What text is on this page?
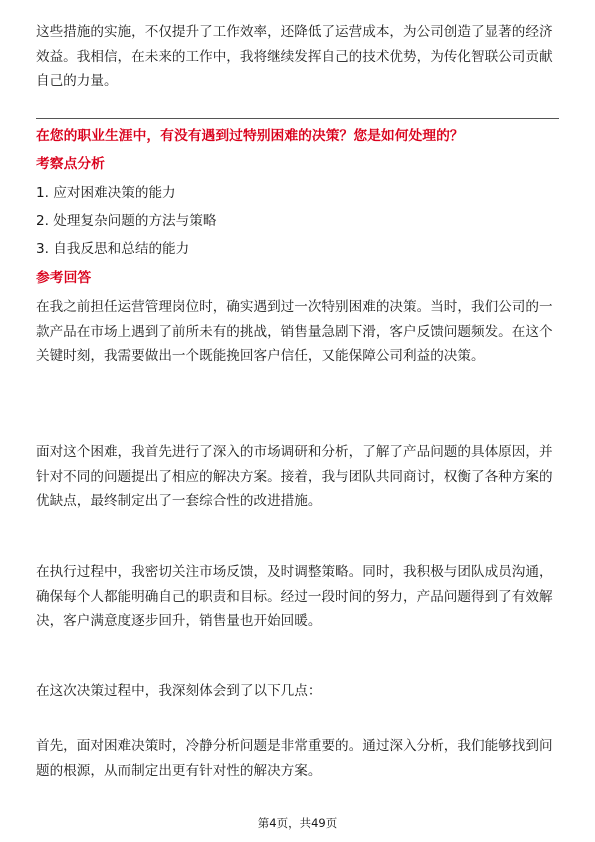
这些措施的实施，不仅提升了工作效率，还降低了运营成本，为公司创造了显著的经济效益。我相信，在未来的工作中，我将继续发挥自己的技术优势，为传化智联公司贡献自己的力量。

在您的职业生涯中，有没有遇到过特别困难的决策？您是如何处理的？

考察点分析

1. 应对困难决策的能力

2. 处理复杂问题的方法与策略

3. 自我反思和总结的能力

参考回答

在我之前担任运营管理岗位时，确实遇到过一次特别困难的决策。当时，我们公司的一款产品在市场上遇到了前所未有的挑战，销售量急剧下滑，客户反馈问题频发。在这个关键时刻，我需要做出一个既能挽回客户信任，又能保障公司利益的决策。

面对这个困难，我首先进行了深入的市场调研和分析，了解了产品问题的具体原因，并针对不同的问题提出了相应的解决方案。接着，我与团队共同商讨，权衡了各种方案的优缺点，最终制定出了一套综合性的改进措施。

在执行过程中，我密切关注市场反馈，及时调整策略。同时，我积极与团队成员沟通，确保每个人都能明确自己的职责和目标。经过一段时间的努力，产品问题得到了有效解决，客户满意度逐步回升，销售量也开始回暖。

在这次决策过程中，我深刻体会到了以下几点：

首先，面对困难决策时，冷静分析问题是非常重要的。通过深入分析，我们能够找到问题的根源，从而制定出更有针对性的解决方案。

第4页，共49页
